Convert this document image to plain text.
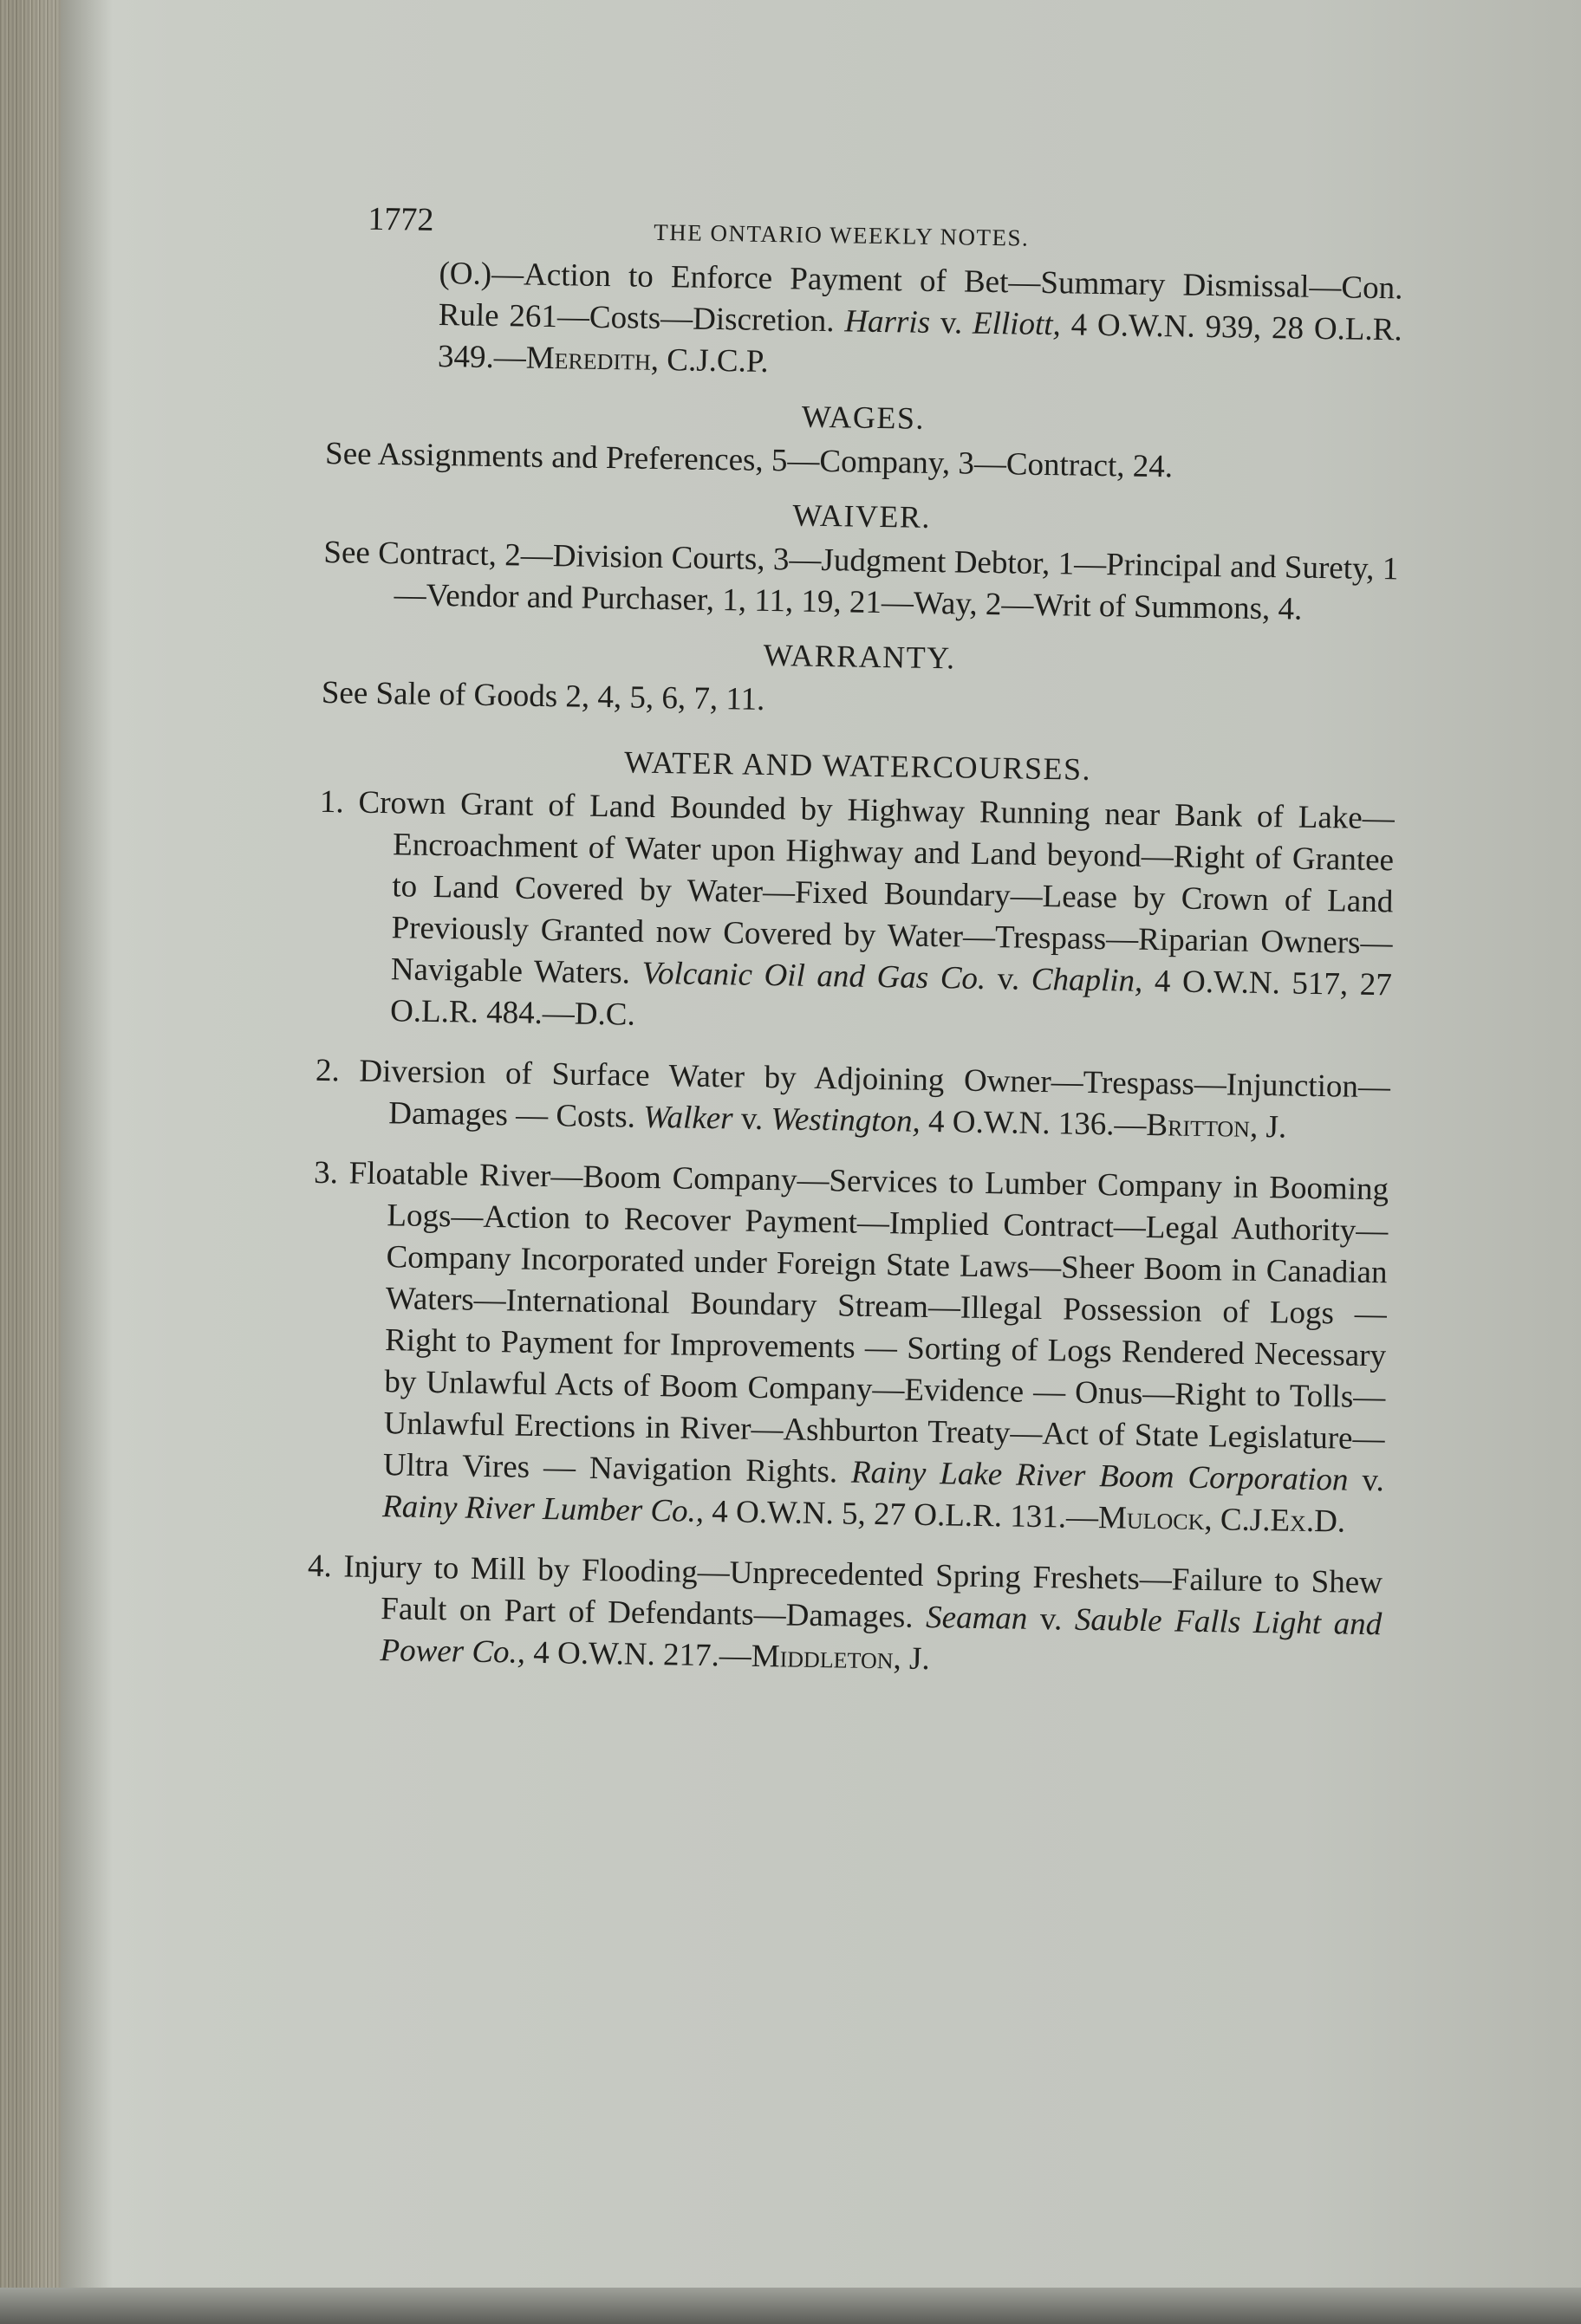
1772	THE ONTARIO WEEKLY NOTES.

(O.)—Action to Enforce Payment of Bet—Summary Dismissal—Con. Rule 261—Costs—Discretion. Harris v. Elliott, 4 O.W.N. 939, 28 O.L.R. 349.—Meredith, C.J.C.P.

WAGES.

See Assignments and Preferences, 5—Company, 3—Contract, 24.

WAIVER.

See Contract, 2—Division Courts, 3—Judgment Debtor, 1—Principal and Surety, 1—Vendor and Purchaser, 1, 11, 19, 21—Way, 2—Writ of Summons, 4.

WARRANTY.

See Sale of Goods 2, 4, 5, 6, 7, 11.

WATER AND WATERCOURSES.

1. Crown Grant of Land Bounded by Highway Running near Bank of Lake—Encroachment of Water upon Highway and Land beyond—Right of Grantee to Land Covered by Water—Fixed Boundary—Lease by Crown of Land Previously Granted now Covered by Water—Trespass—Riparian Owners—Navigable Waters. Volcanic Oil and Gas Co. v. Chaplin, 4 O.W.N. 517, 27 O.L.R. 484.—D.C.

2. Diversion of Surface Water by Adjoining Owner—Trespass—Injunction—Damages — Costs. Walker v. Westington, 4 O.W.N. 136.—Britton, J.

3. Floatable River—Boom Company—Services to Lumber Company in Booming Logs—Action to Recover Payment—Implied Contract—Legal Authority—Company Incorporated under Foreign State Laws—Sheer Boom in Canadian Waters—International Boundary Stream—Illegal Possession of Logs — Right to Payment for Improvements — Sorting of Logs Rendered Necessary by Unlawful Acts of Boom Company—Evidence — Onus—Right to Tolls—Unlawful Erections in River—Ashburton Treaty—Act of State Legislature—Ultra Vires — Navigation Rights. Rainy Lake River Boom Corporation v. Rainy River Lumber Co., 4 O.W.N. 5, 27 O.L.R. 131.—Mulock, C.J.Ex.D.

4. Injury to Mill by Flooding—Unprecedented Spring Freshets—Failure to Shew Fault on Part of Defendants—Damages. Seaman v. Sauble Falls Light and Power Co., 4 O.W.N. 217.—Middleton, J.
